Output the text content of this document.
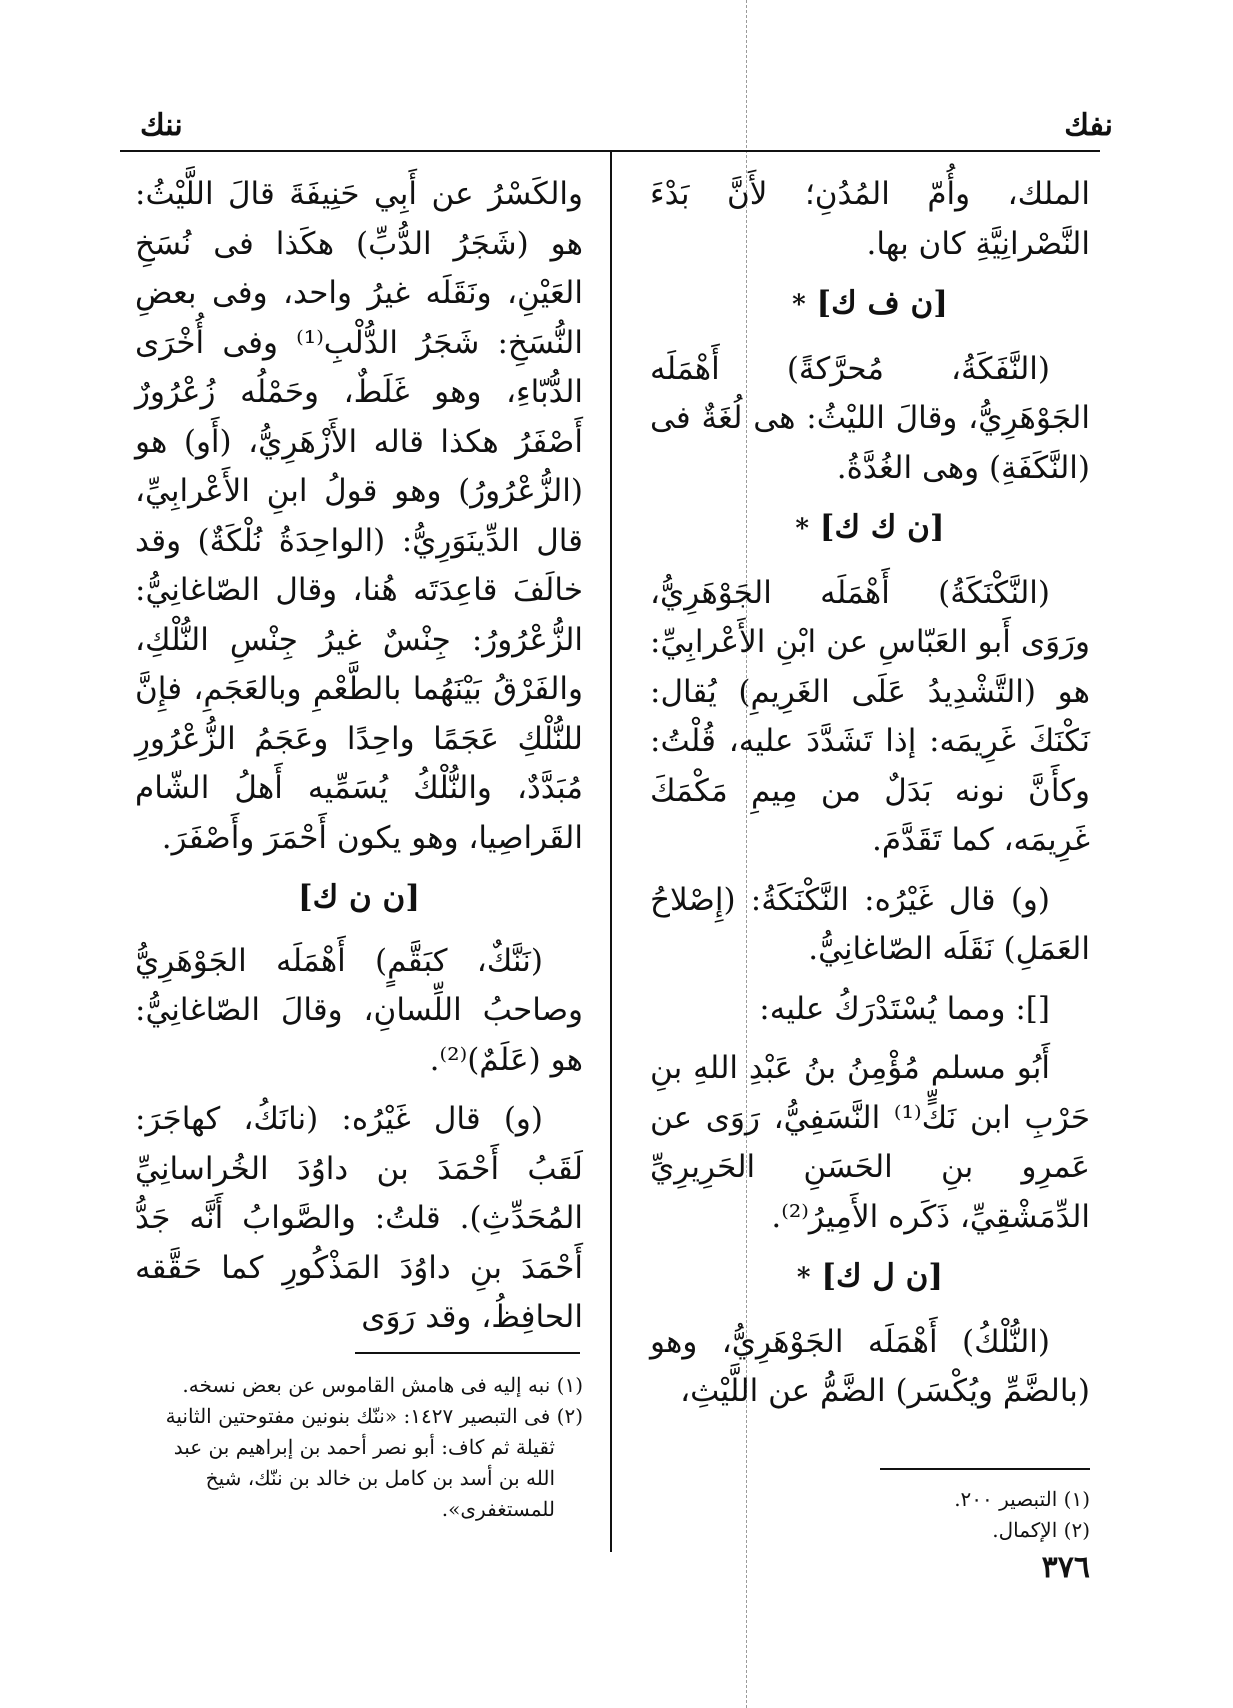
نفك
ننك

الملك، وأُمّ المُدُنِ؛ لأَنَّ بَدْءَ النَّصْرانِيَّةِ كان بها.

[ن ف ك] *

(النَّفَكَةُ، مُحرَّكةً) أَهْمَلَه الجَوْهَرِيُّ، وقالَ الليْثُ: هى لُغَةٌ فى (النَّكَفَةِ) وهى الغُدَّةُ.

[ن ك ك] *

(النَّكْنَكَةُ) أَهْمَلَه الجَوْهَرِيُّ، ورَوَى أَبو العَبّاسِ عن ابْنِ الأَعْرابِيِّ: هو (التَّشْدِيدُ عَلَى الغَرِيمِ) يُقال: نَكْنَكَ غَرِيمَه: إذا تَشَدَّدَ عليه، قُلْتُ: وكأَنَّ نونه بَدَلٌ من مِيمِ مَكْمَكَ غَرِيمَه، كما تَقَدَّمَ.

(و) قال غَيْرُه: النَّكْنَكَةُ: (إِصْلاحُ العَمَلِ) نَقَلَه الصّاغانِيُّ.

[]: ومما يُسْتَدْرَكُ عليه:

أَبُو مسلم مُؤْمِنُ بنُ عَبْدِ اللهِ بنِ حَرْبِ ابن نَكٍّ⁽¹⁾ النَّسَفِيُّ، رَوَى عن عَمرِو بنِ الحَسَنِ الحَرِيرِيِّ الدِّمَشْقِيِّ، ذَكَره الأَمِيرُ⁽²⁾.

[ن ل ك] *

(النُّلْكُ) أَهْمَلَه الجَوْهَرِيُّ، وهو (بالضَّمِّ ويُكْسَر) الضَّمُّ عن اللَّيْثِ،

والكَسْرُ عن أَبِي حَنِيفَةَ قالَ اللَّيْثُ: هو (شَجَرُ الدُّبِّ) هكَذا فى نُسَخِ العَيْنِ، ونَقَلَه غيرُ واحد، وفى بعضِ النُّسَخِ: شَجَرُ الدُّلْبِ⁽¹⁾ وفى أُخْرَى الدُّبّاءِ، وهو غَلَطٌ، وحَمْلُه زُعْرُورٌ أَصْفَرُ هكذا قاله الأَزْهَرِيُّ، (أَو) هو (الزُّعْرُورُ) وهو قولُ ابنِ الأَعْرابِيِّ، قال الدِّينَوَرِيُّ: (الواحِدَةُ نُلْكَةٌ) وقد خالَفَ قاعِدَتَه هُنا، وقال الصّاغانِيُّ: الزُّعْرُورُ: جِنْسٌ غيرُ جِنْسِ النُّلْكِ، والفَرْقُ بَيْنَهُما بالطَّعْمِ وبالعَجَمِ، فإِنَّ للنُّلْكِ عَجَمًا واحِدًا وعَجَمُ الزُّعْرُورِ مُبَدَّدٌ، والنُّلْكُ يُسَمِّيه أَهلُ الشّام القَراصِيا، وهو يكون أَحْمَرَ وأَصْفَرَ.

[ن ن ك]

(نَنَّكٌ، كبَقَّمٍ) أَهْمَلَه الجَوْهَرِيُّ وصاحبُ اللِّسانِ، وقالَ الصّاغانِيُّ: هو (عَلَمٌ)⁽²⁾.

(و) قال غَيْرُه: (نانَكُ، كهاجَرَ: لَقَبُ أَحْمَدَ بن داوُدَ الخُراسانِيِّ المُحَدِّثِ). قلتُ: والصَّوابُ أَنَّه جَدُّ أَحْمَدَ بنِ داوُدَ المَذْكُورِ كما حَقَّقه الحافِظُ، وقد رَوَى

(١) نبه إليه فى هامش القاموس عن بعض نسخه.

(٢) فى التبصير ١٤٢٧: «ننّك بنونين مفتوحتين الثانية

ثقيلة ثم كاف: أبو نصر أحمد بن إبراهيم بن عبد

الله بن أسد بن كامل بن خالد بن ننّك، شيخ

للمستغفرى».	(١) التبصير ٢٠٠.

(٢) الإكمال.

٣٧٦
